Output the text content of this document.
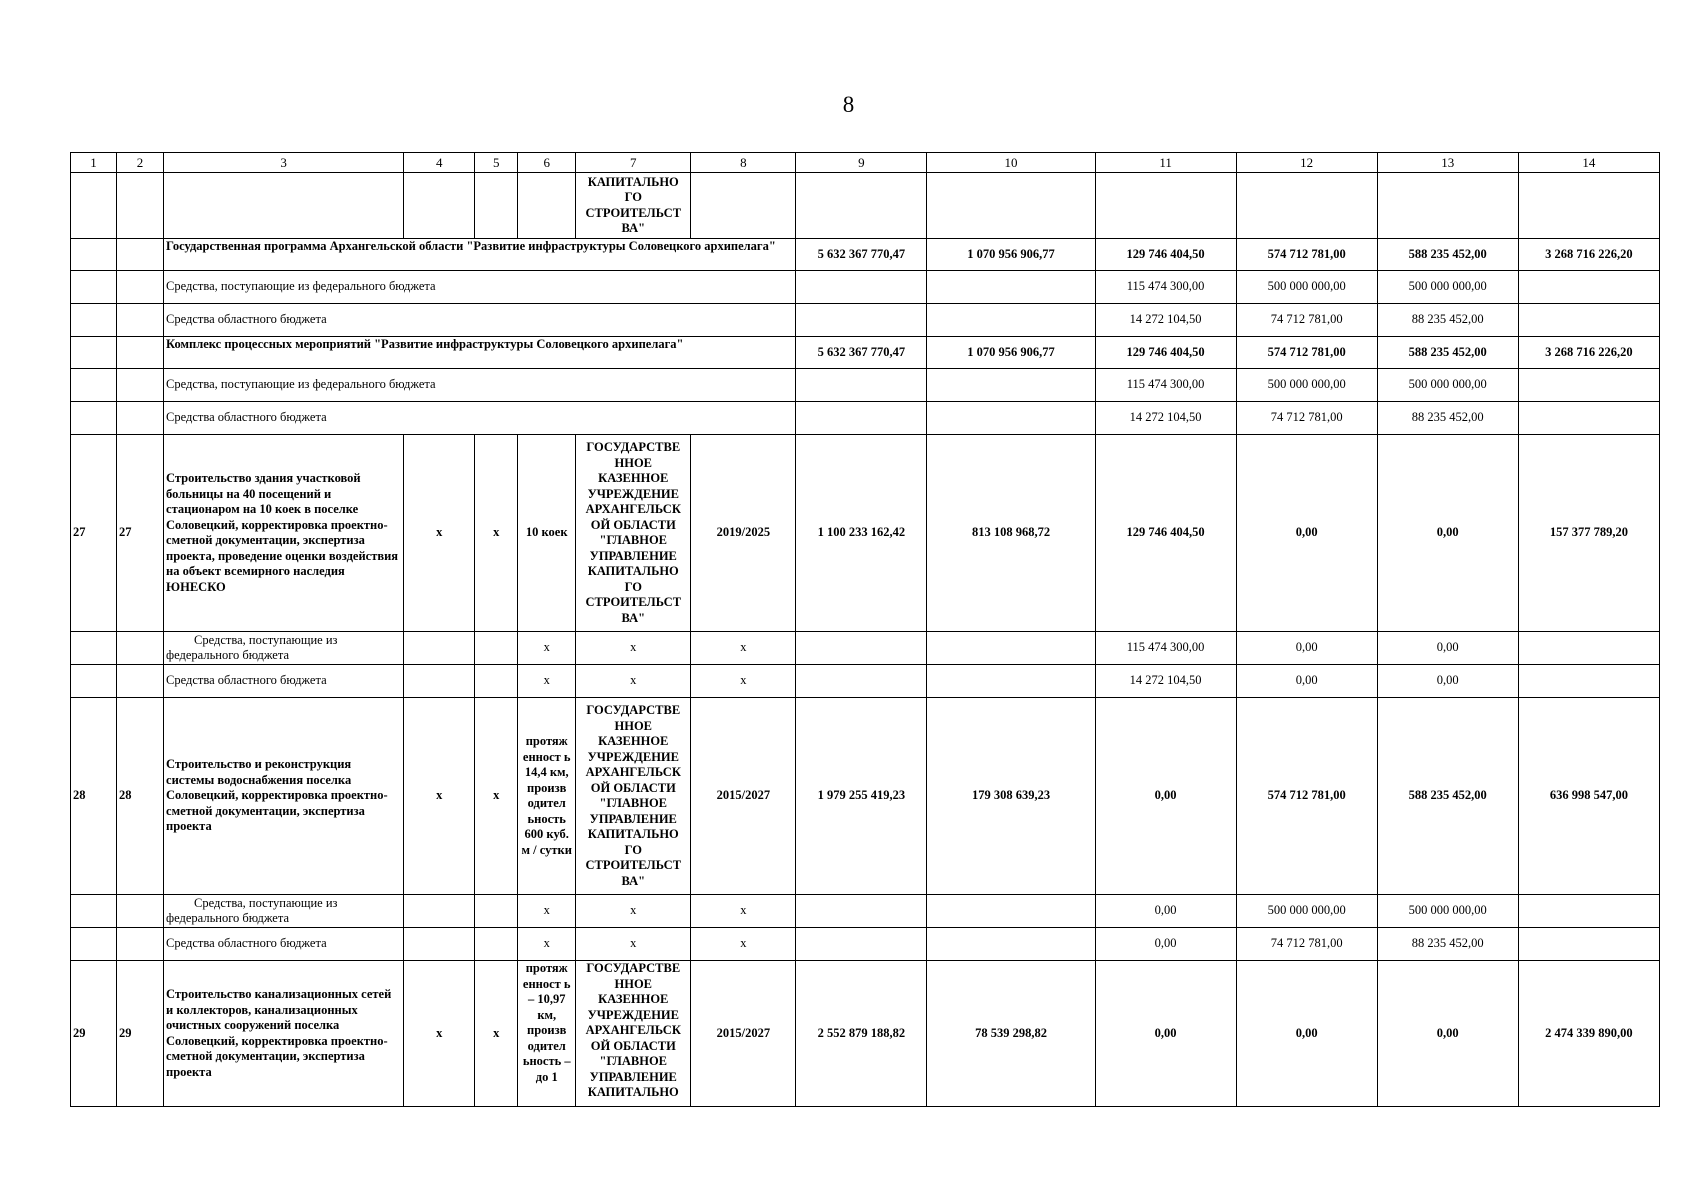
8
1	2	3	4	5	6	7	8	9	10	11	12	13	14
						КАПИТАЛЬНО ГО СТРОИТЕЛЬСТ ВА"							
		Государственная программа Архангельской области "Развитие инфраструктуры Соловецкого архипелага"						5 632 367 770,47	1 070 956 906,77	129 746 404,50	574 712 781,00	588 235 452,00	3 268 716 226,20
		Средства, поступающие из федерального бюджета								115 474 300,00	500 000 000,00	500 000 000,00	
		Средства областного бюджета								14 272 104,50	74 712 781,00	88 235 452,00	
		Комплекс процессных мероприятий "Развитие инфраструктуры Соловецкого архипелага"						5 632 367 770,47	1 070 956 906,77	129 746 404,50	574 712 781,00	588 235 452,00	3 268 716 226,20
		Средства, поступающие из федерального бюджета								115 474 300,00	500 000 000,00	500 000 000,00	
		Средства областного бюджета								14 272 104,50	74 712 781,00	88 235 452,00	
27	27	Строительство здания участковой больницы на 40 посещений и стационаром на 10 коек в поселке Соловецкий, корректировка проектно-сметной документации, экспертиза проекта, проведение оценки воздействия на объект всемирного наследия ЮНЕСКО	х	х	10 коек	ГОСУДАРСТВЕ ННОЕ КАЗЕННОЕ УЧРЕЖДЕНИЕ АРХАНГЕЛЬСК ОЙ ОБЛАСТИ "ГЛАВНОЕ УПРАВЛЕНИЕ КАПИТАЛЬНО ГО СТРОИТЕЛЬСТ ВА"	2019/2025	1 100 233 162,42	813 108 968,72	129 746 404,50	0,00	0,00	157 377 789,20
		Средства, поступающие из федерального бюджета			х	х	х			115 474 300,00	0,00	0,00	
		Средства областного бюджета			х	х	х			14 272 104,50	0,00	0,00	
28	28	Строительство и реконструкция системы водоснабжения поселка Соловецкий, корректировка проектно-сметной документации, экспертиза проекта	х	х	протяж енност ь 14,4 км, произв одител ьность 600 куб. м / сутки	ГОСУДАРСТВЕ ННОЕ КАЗЕННОЕ УЧРЕЖДЕНИЕ АРХАНГЕЛЬСК ОЙ ОБЛАСТИ "ГЛАВНОЕ УПРАВЛЕНИЕ КАПИТАЛЬНО ГО СТРОИТЕЛЬСТ ВА"	2015/2027	1 979 255 419,23	179 308 639,23	0,00	574 712 781,00	588 235 452,00	636 998 547,00
		Средства, поступающие из федерального бюджета			х	х	х			0,00	500 000 000,00	500 000 000,00	
		Средства областного бюджета			х	х	х			0,00	74 712 781,00	88 235 452,00	
29	29	Строительство канализационных сетей и коллекторов, канализационных очистных сооружений поселка Соловецкий, корректировка проектно-сметной документации, экспертиза проекта	х	х	протяж енност ь – 10,97 км, произв одител ьность – до 1	ГОСУДАРСТВЕ ННОЕ КАЗЕННОЕ УЧРЕЖДЕНИЕ АРХАНГЕЛЬСК ОЙ ОБЛАСТИ "ГЛАВНОЕ УПРАВЛЕНИЕ КАПИТАЛЬНО	2015/2027	2 552 879 188,82	78 539 298,82	0,00	0,00	0,00	2 474 339 890,00
